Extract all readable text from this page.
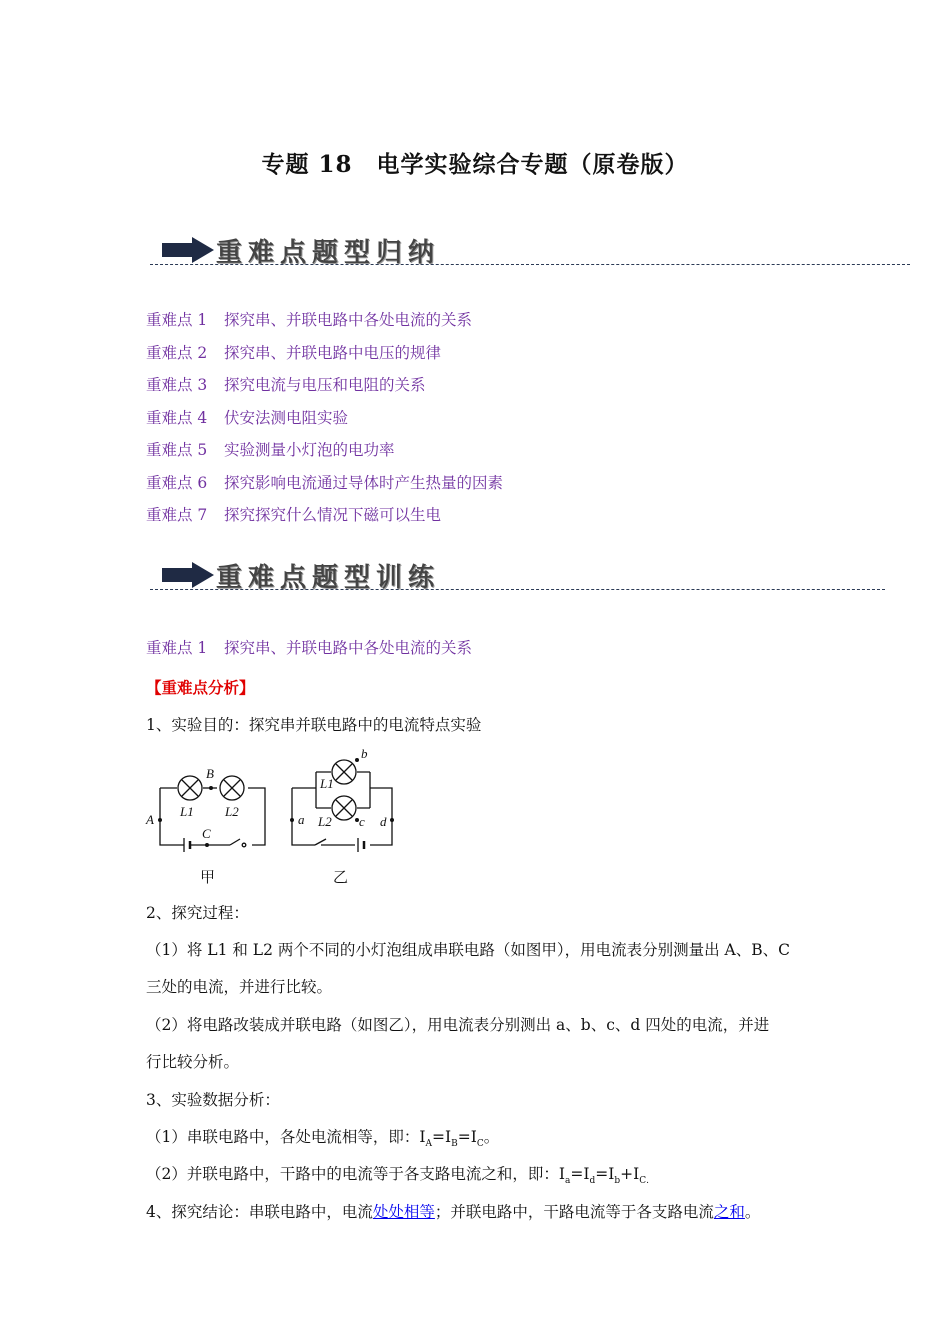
专题 18　电学实验综合专题（原卷版）
重难点题型归纳
重难点 1 探究串、并联电路中各处电流的关系
重难点 2 探究串、并联电路中电压的规律
重难点 3 探究电流与电压和电阻的关系
重难点 4 伏安法测电阻实验
重难点 5 实验测量小灯泡的电功率
重难点 6 探究影响电流通过导体时产生热量的因素
重难点 7 探究探究什么情况下磁可以生电
重难点题型训练
重难点 1 探究串、并联电路中各处电流的关系
【重难点分析】
1、实验目的：探究串并联电路中的电流特点实验
A
B
C
L1 L2
a
b
c d
L1
L2
甲	乙
2、探究过程：
（1）将 L1 和 L2 两个不同的小灯泡组成串联电路（如图甲），用电流表分别测量出 A、B、C
三处的电流，并进行比较。
（2）将电路改装成并联电路（如图乙），用电流表分别测出 a、b、c、d 四处的电流，并进
行比较分析。
3、实验数据分析：
（1）串联电路中，各处电流相等，即：$I_A=I_B=I_C$。
（2）并联电路中，干路中的电流等于各支路电流之和，即：$I_a=I_d=I_b+I_{C.}$
4、探究结论：串联电路中，电流处处相等；并联电路中，干路电流等于各支路电流之和。
